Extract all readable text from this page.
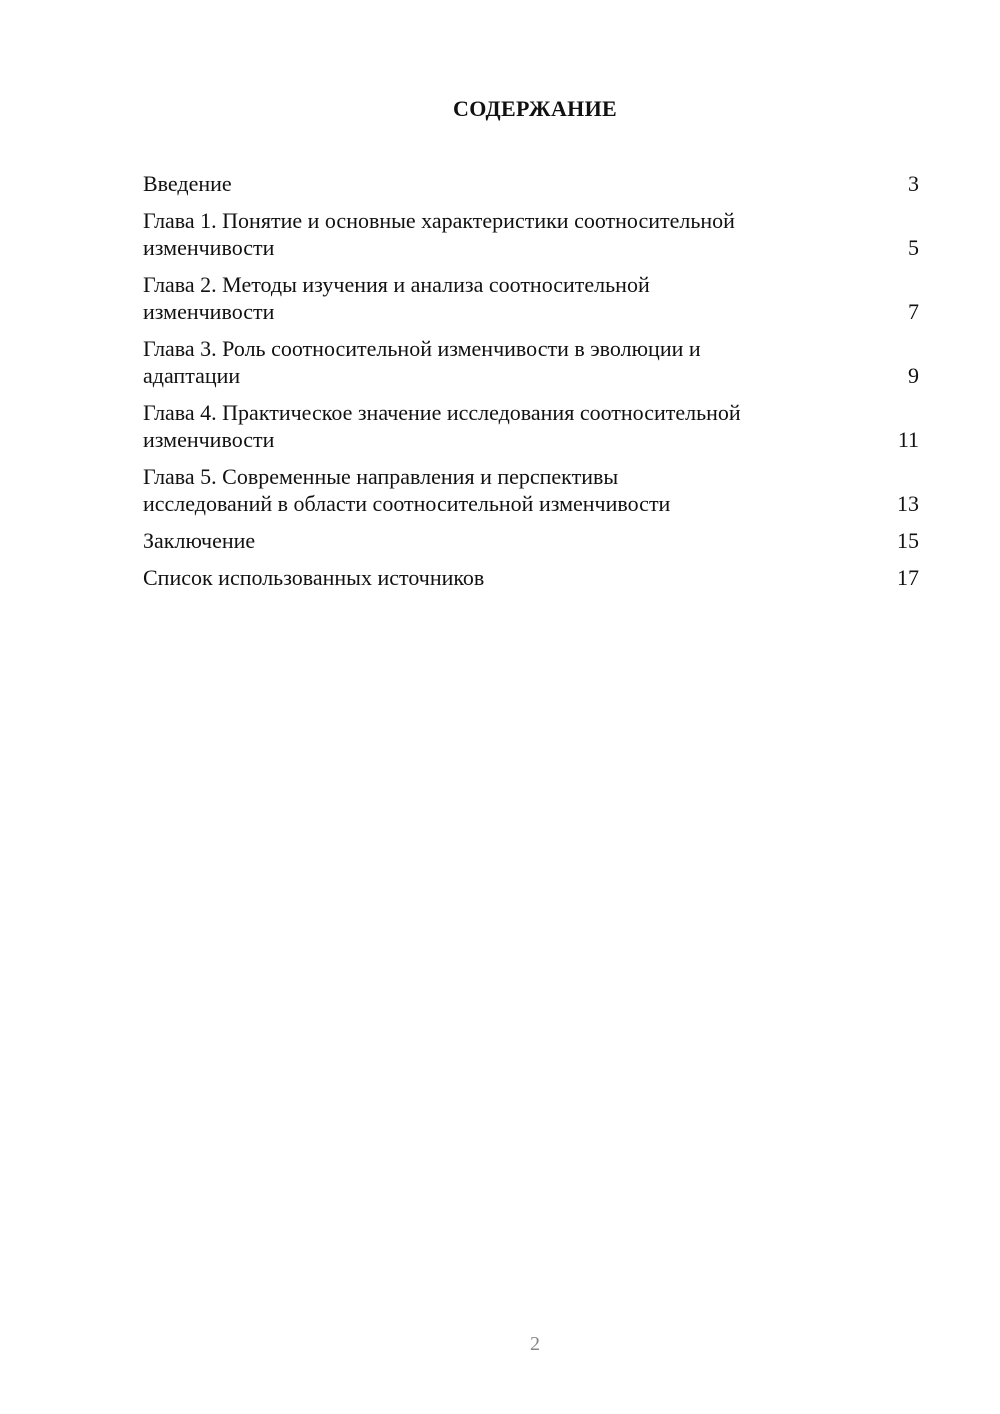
СОДЕРЖАНИЕ
Введение	3
Глава 1. Понятие и основные характеристики соотносительной
изменчивости	5
Глава 2. Методы изучения и анализа соотносительной
изменчивости	7
Глава 3. Роль соотносительной изменчивости в эволюции и
адаптации	9
Глава 4. Практическое значение исследования соотносительной
изменчивости	11
Глава 5. Современные направления и перспективы
исследований в области соотносительной изменчивости	13
Заключение	15
Список использованных источников	17
2
